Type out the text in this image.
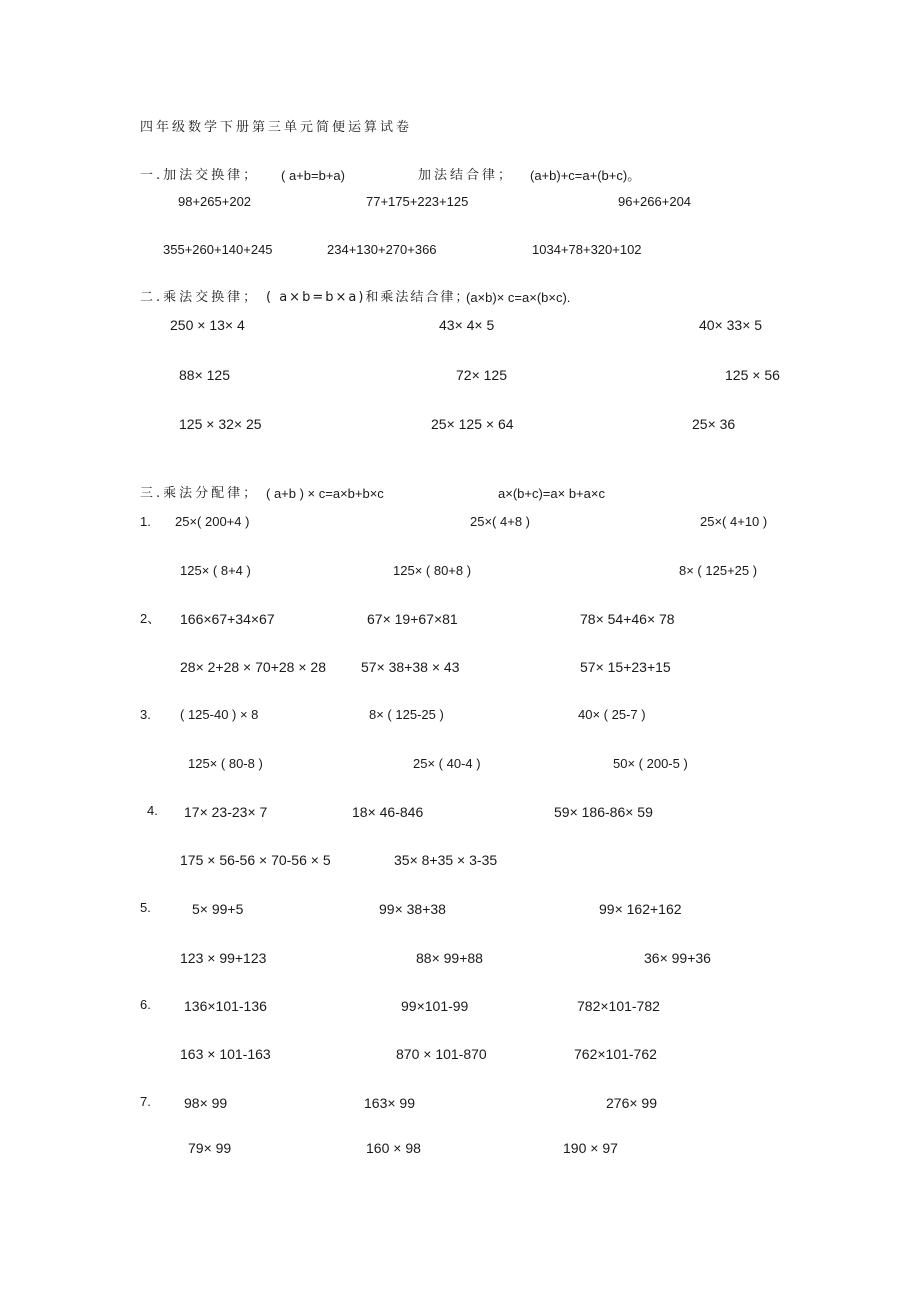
四年级数学下册第三单元简便运算试卷
一.加法交换律； ( a+b=b+a)	加法结合律； (a+b)+c=a+(b+c)。
98+265+202	77+175+223+125	96+266+204
355+260+140+245	234+130+270+366	1034+78+320+102
二.乘法交换律； ( a×b=b×a)和乘法结合律；
(a×b)× c=a×(b×c).
250 × 13× 4	43× 4× 5	40× 33× 5
88× 125	72× 125	125 × 56
125 × 32× 25	25× 125 × 64	25× 36
三.乘法分配律； ( a+b ) × c=a×b+b×c	a×(b+c)=a× b+a×c
1. 25×( 200+4 )	25×( 4+8 )	25×( 4+10 )
125× ( 8+4 )	125× ( 80+8 )	8× ( 125+25 )
2、 166×67+34×67	67× 19+67×81	78× 54+46× 78
28× 2+28 × 70+28 × 28	57× 38+38 × 43	57× 15+23+15
3. ( 125-40 ) × 8	8× ( 125-25 )	40× ( 25-7 )
125× ( 80-8 )	25× ( 40-4 )	50× ( 200-5 )
4. 17× 23-23× 7	18× 46-846	59× 186-86× 59
175 × 56-56 × 70-56 × 5	35× 8+35 × 3-35
5.	5× 99+5	99× 38+38	99× 162+162
123 × 99+123	88× 99+88	36× 99+36
6. 136×101-136	99×101-99	782×101-782
163 × 101-163	870 × 101-870	762×101-762
7. 98× 99	163× 99	276× 99
79× 99	160 × 98	190 × 97
